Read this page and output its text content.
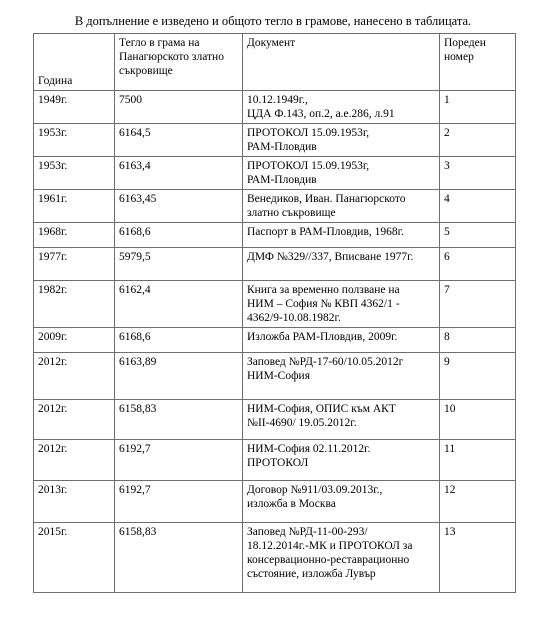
В допълнение е изведено и общото тегло в грамове, нанесено в таблицата.
Година	Тегло в грама на Панагюрското златно съкровище	Документ	Пореден номер
1949г.	7500	10.12.1949г.,
ЦДА Ф.143, оп.2, а.е.286, л.91	1
1953г.	6164,5	ПРОТОКОЛ 15.09.1953г,
РАМ-Пловдив	2
1953г.	6163,4	ПРОТОКОЛ 15.09.1953г,
РАМ-Пловдив	3
1961г.	6163,45	Венедиков, Иван. Панагюрското
златно съкровище	4
1968г.	6168,6	Паспорт в РАМ-Пловдив, 1968г.	5
1977г.	5979,5	ДМФ №329//337, Вписване 1977г.	6
1982г.	6162,4	Книга за временно ползване на
НИМ – София № КВП 4362/1 -
4362/9-10.08.1982г.	7
2009г.	6168,6	Изложба РАМ-Пловдив, 2009г.	8
2012г.	6163,89	Заповед №РД-17-60/10.05.2012г
НИМ-София	9
2012г.	6158,83	НИМ-София, ОПИС към АКТ
№II-4690/ 19.05.2012г.	10
2012г.	6192,7	НИМ-София 02.11.2012г.
ПРОТОКОЛ	11
2013г.	6192,7	Договор №911/03.09.2013г.,
изложба в Москва	12
2015г.	6158,83	Заповед №РД-11-00-293/
18.12.2014г.-МК и ПРОТОКОЛ за
консервационно-реставрационно
състояние, изложба Лувър	13
